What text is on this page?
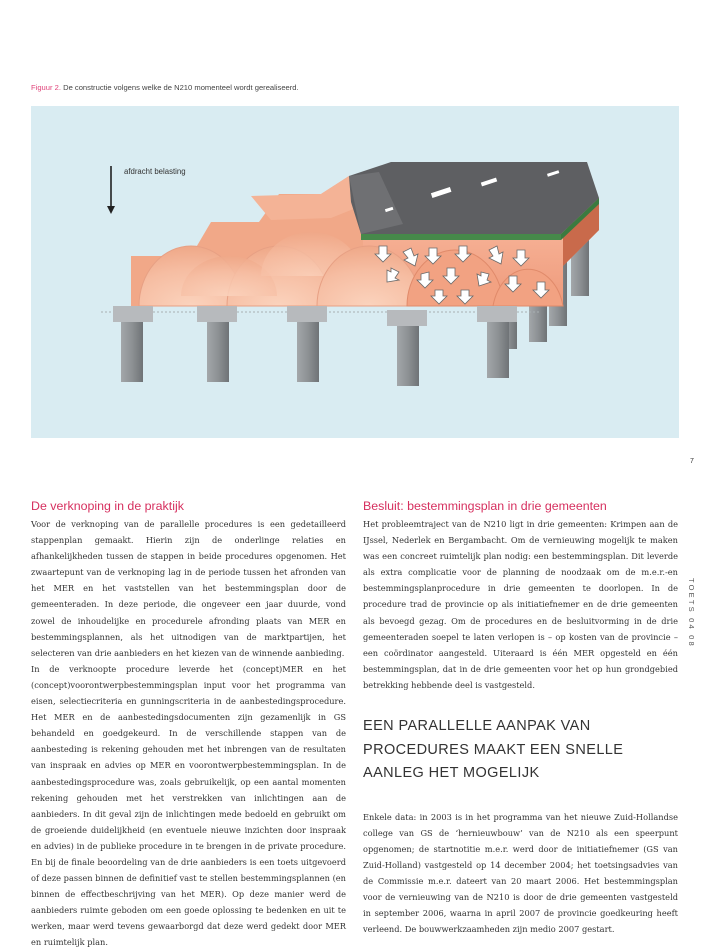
Figuur 2. De constructie volgens welke de N210 momenteel wordt gerealiseerd.
afdracht belasting
7
TOETS 04 08
De verknoping in de praktijk

Voor de verknoping van de parallelle procedures is een gedetailleerd stappenplan gemaakt. Hierin zijn de onderlinge relaties en afhankelijkheden tussen de stappen in beide procedures opgenomen. Het zwaartepunt van de verknoping lag in de periode tussen het afronden van het MER en het vaststellen van het bestemmingsplan door de gemeenteraden. In deze periode, die ongeveer een jaar duurde, vond zowel de inhoudelijke en procedurele afronding plaats van MER en bestemmingsplannen, als het uitnodigen van de marktpartijen, het selecteren van drie aanbieders en het kiezen van de winnende aanbieding.

In de verknoopte procedure leverde het (concept)MER en het (concept)voorontwerpbestemmingsplan input voor het programma van eisen, selectiecriteria en gunningscriteria in de aanbestedingsprocedure. Het MER en de aanbestedingsdocumenten zijn gezamenlijk in GS behandeld en goedgekeurd. In de verschillende stappen van de aanbesteding is rekening gehouden met het inbrengen van de resultaten van inspraak en advies op MER en voorontwerpbestemmingsplan. In de aanbestedingsprocedure was, zoals gebruikelijk, op een aantal momenten rekening gehouden met het verstrekken van inlichtingen aan de aanbieders. In dit geval zijn de inlichtingen mede bedoeld en gebruikt om de groeiende duidelijkheid (en eventuele nieuwe inzichten door inspraak en advies) in de publieke procedure in te brengen in de private procedure. En bij de finale beoordeling van de drie aanbieders is een toets uitgevoerd of deze passen binnen de definitief vast te stellen bestemmingsplannen (en binnen de effectbeschrijving van het MER). Op deze manier werd de aanbieders ruimte geboden om een goede oplossing te bedenken en uit te werken, maar werd tevens gewaarborgd dat deze werd gedekt door MER en ruimtelijk plan.

Besluit: bestemmingsplan in drie gemeenten

Het probleemtraject van de N210 ligt in drie gemeenten: Krimpen aan de IJssel, Nederlek en Bergambacht. Om de vernieuwing mogelijk te maken was een concreet ruimtelijk plan nodig: een bestemmingsplan. Dit leverde als extra complicatie voor de planning de noodzaak om de m.e.r.-en bestemmingsplanprocedure in drie gemeenten te doorlopen. In de procedure trad de provincie op als initiatiefnemer en de drie gemeenten als bevoegd gezag. Om de procedures en de besluitvorming in de drie gemeenteraden soepel te laten verlopen is – op kosten van de provincie – een coördinator aangesteld. Uiteraard is één MER opgesteld en één bestemmingsplan, dat in de drie gemeenten voor het op hun grondgebied betrekking hebbende deel is vastgesteld.

EEN PARALLELLE AANPAK VAN PROCEDURES MAAKT EEN SNELLE AANLEG HET MOGELIJK

Enkele data: in 2003 is in het programma van het nieuwe Zuid-Hollandse college van GS de ‘hernieuwbouw’ van de N210 als een speerpunt opgenomen; de startnotitie m.e.r. werd door de initiatiefnemer (GS van Zuid-Holland) vastgesteld op 14 december 2004; het toetsingsadvies van de Commissie m.e.r. dateert van 20 maart 2006. Het bestemmingsplan voor de vernieuwing van de N210 is door de drie gemeenten vastgesteld in september 2006, waarna in april 2007 de provincie goedkeuring heeft verleend. De bouwwerkzaamheden zijn medio 2007 gestart.
